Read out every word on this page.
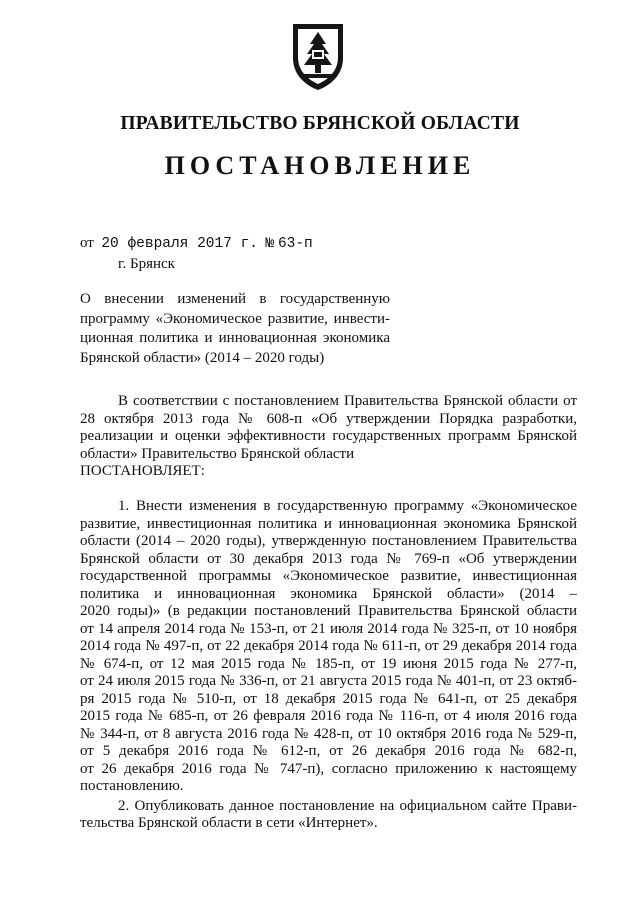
ПРАВИТЕЛЬСТВО БРЯНСКОЙ ОБЛАСТИ
ПОСТАНОВЛЕНИЕ
от 20 февраля 2017 г. № 63-п
г. Брянск
О внесении изменений в государственную
программу «Экономическое развитие, инвести-
ционная политика и инновационная экономика
Брянской области» (2014 – 2020 годы)
В соответствии с постановлением Правительства Брянской области от
28 октября 2013 года № 608-п «Об утверждении Порядка разработки,
реализации и оценки эффективности государственных программ Брянской
области» Правительство Брянской области
ПОСТАНОВЛЯЕТ:
1. Внести изменения в государственную программу «Экономическое
развитие, инвестиционная политика и инновационная экономика Брянской
области (2014 – 2020 годы), утвержденную постановлением Правительства
Брянской области от 30 декабря 2013 года № 769-п «Об утверждении
государственной программы «Экономическое развитие, инвестиционная
политика и инновационная экономика Брянской области» (2014 –
2020 годы)» (в редакции постановлений Правительства Брянской области
от 14 апреля 2014 года № 153-п, от 21 июля 2014 года № 325-п, от 10 ноября
2014 года № 497-п, от 22 декабря 2014 года № 611-п, от 29 декабря 2014 года
№ 674-п, от 12 мая 2015 года № 185-п, от 19 июня 2015 года № 277-п,
от 24 июля 2015 года № 336-п, от 21 августа 2015 года № 401-п, от 23 октяб-
ря 2015 года № 510-п, от 18 декабря 2015 года № 641-п, от 25 декабря
2015 года № 685-п, от 26 февраля 2016 года № 116-п, от 4 июля 2016 года
№ 344-п, от 8 августа 2016 года № 428-п, от 10 октября 2016 года № 529-п,
от 5 декабря 2016 года № 612-п, от 26 декабря 2016 года № 682-п,
от 26 декабря 2016 года № 747-п), согласно приложению к настоящему
постановлению.
2. Опубликовать данное постановление на официальном сайте Прави-
тельства Брянской области в сети «Интернет».
